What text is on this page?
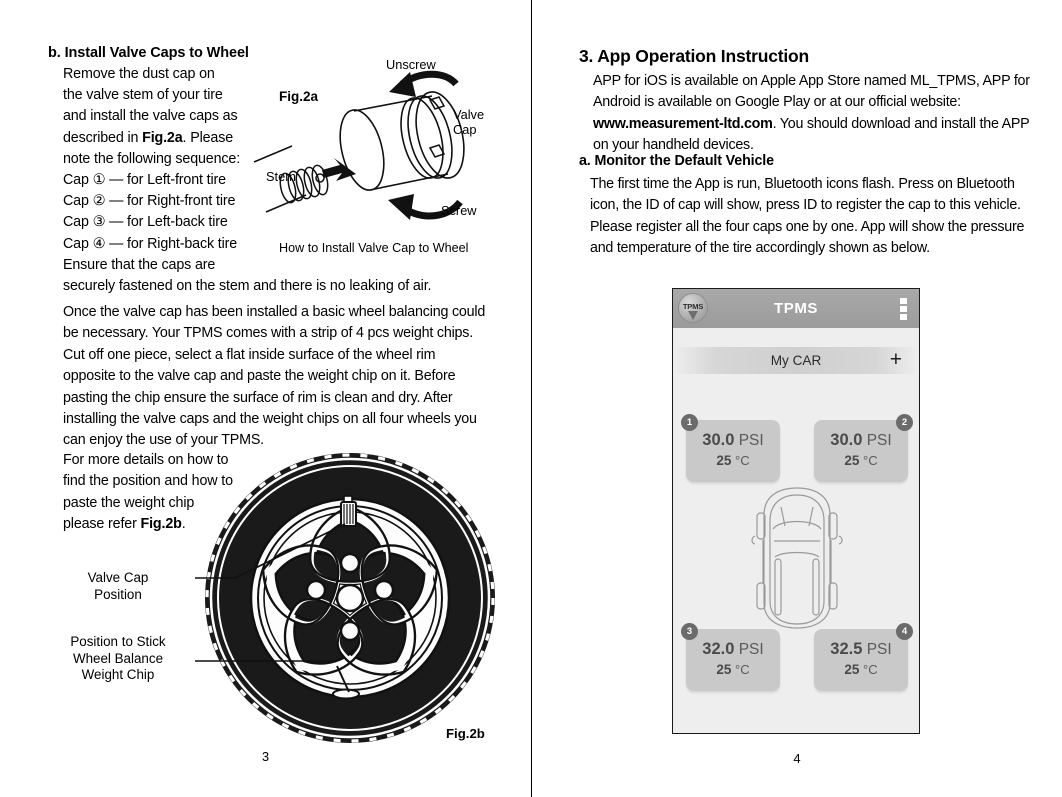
b. Install Valve Caps to Wheel
Remove the dust cap on
the valve stem of your tire
and install the valve caps as
described in Fig.2a. Please
note the following sequence:
Cap ① — for Left-front tire
Cap ② — for Right-front tire
Cap ③ — for Left-back tire
Cap ④ — for Right-back tire
Ensure that the caps are
securely fastened on the stem and there is no leaking of air.
Once the valve cap has been installed a basic wheel balancing could be necessary. Your TPMS comes with a strip of 4 pcs weight chips. Cut off one piece, select a flat inside surface of the wheel rim opposite to the valve cap and paste the weight chip on it. Before pasting the chip ensure the surface of rim is clean and dry. After installing the valve caps and the weight chips on all four wheels you can enjoy the use of your TPMS.
For more details on how to find the position and how to paste the weight chip please refer Fig.2b.
Fig.2a
Unscrew
Valve
Cap
Stem
Screw
How to Install Valve Cap to Wheel
Valve Cap
Position
Position to Stick
Wheel Balance
Weight Chip
Fig.2b
3
3. App Operation Instruction
APP for iOS is available on Apple App Store named ML_TPMS, APP for Android is available on Google Play or at our official website: www.measurement-ltd.com. You should download and install the APP on your handheld devices.
a. Monitor the Default Vehicle
The first time the App is run, Bluetooth icons flash. Press on Bluetooth icon, the ID of cap will show, press ID to register the cap to this vehicle. Please register all the four caps one by one. App will show the pressure and temperature of the tire accordingly shown as below.
TPMS	TPMS
My CAR	+
1
30.0 PSI
25 °C
2
30.0 PSI
25 °C
3
32.0 PSI
25 °C
4
32.5 PSI
25 °C
4
